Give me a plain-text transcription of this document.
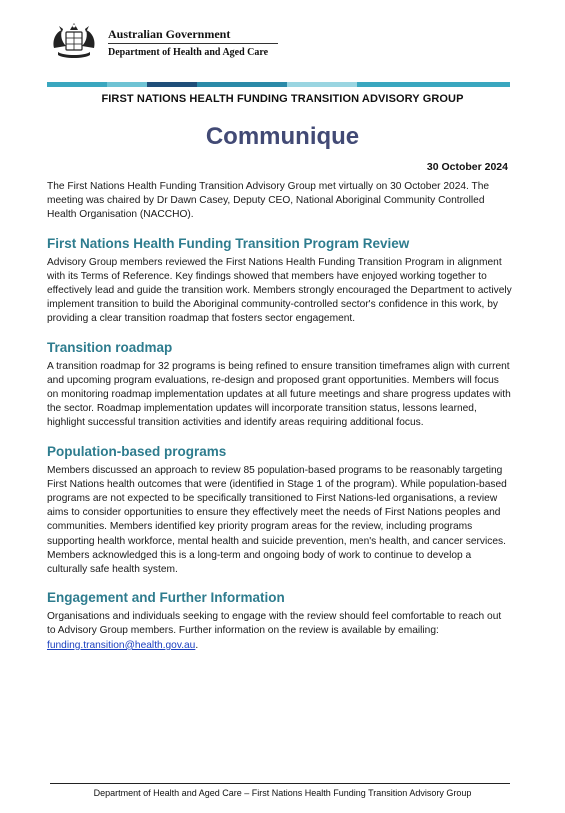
Australian Government
Department of Health and Aged Care
FIRST NATIONS HEALTH FUNDING TRANSITION ADVISORY GROUP
Communique
30 October 2024

The First Nations Health Funding Transition Advisory Group met virtually on 30 October 2024. The meeting was chaired by Dr Dawn Casey, Deputy CEO, National Aboriginal Community Controlled Health Organisation (NACCHO).

First Nations Health Funding Transition Program Review

Advisory Group members reviewed the First Nations Health Funding Transition Program in alignment with its Terms of Reference. Key findings showed that members have enjoyed working together to effectively lead and guide the transition work. Members strongly encouraged the Department to actively implement transition to build the Aboriginal community-controlled sector's confidence in this work, by providing a clear transition roadmap that fosters sector engagement.

Transition roadmap

A transition roadmap for 32 programs is being refined to ensure transition timeframes align with current and upcoming program evaluations, re-design and proposed grant opportunities. Members will focus on monitoring roadmap implementation updates at all future meetings and share progress updates with the sector. Roadmap implementation updates will incorporate transition status, lessons learned, highlight successful transition activities and identify areas requiring additional focus.

Population-based programs

Members discussed an approach to review 85 population-based programs to be reasonably targeting First Nations health outcomes that were (identified in Stage 1 of the program). While population-based programs are not expected to be specifically transitioned to First Nations-led organisations, a review aims to consider opportunities to ensure they effectively meet the needs of First Nations peoples and communities. Members identified key priority program areas for the review, including programs supporting health workforce, mental health and suicide prevention, men's health, and cancer services. Members acknowledged this is a long-term and ongoing body of work to continue to develop a culturally safe health system.

Engagement and Further Information

Organisations and individuals seeking to engage with the review should feel comfortable to reach out to Advisory Group members. Further information on the review is available by emailing: funding.transition@health.gov.au.

Department of Health and Aged Care – First Nations Health Funding Transition Advisory Group
